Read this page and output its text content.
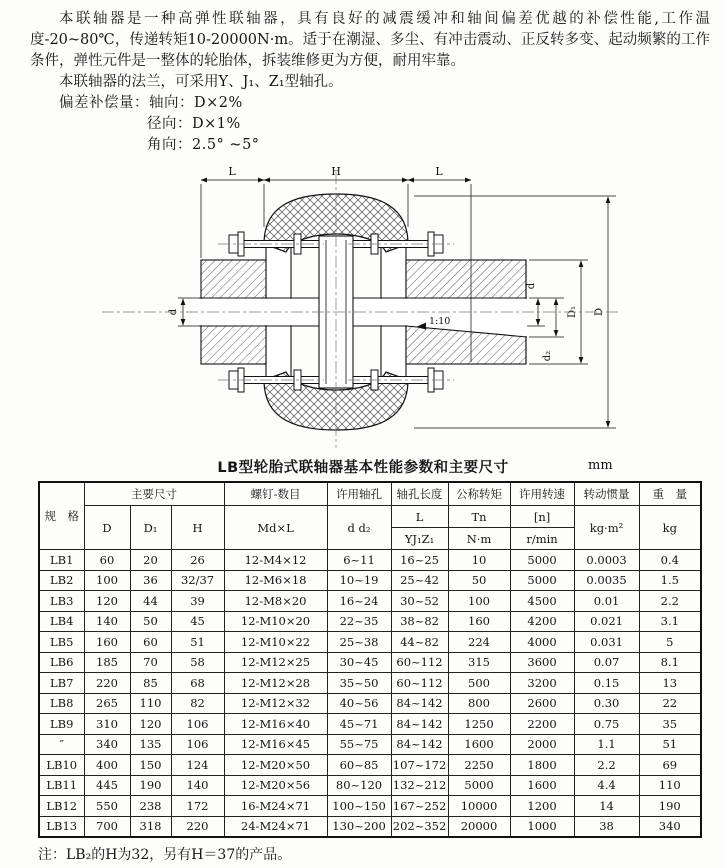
本联轴器是一种高弹性联轴器，具有良好的减震缓冲和轴间偏差优越的补偿性能,工作温度-20~80℃，传递转矩10-20000N·m。适于在潮湿、多尘、有冲击震动、正反转多变、起动频繁的工作条件，弹性元件是一整体的轮胎体，拆装维修更为方便，耐用牢靠。

本联轴器的法兰，可采用Y、J₁、Z₁型轴孔。

偏差补偿量：轴向：D×2%
径向：D×1%
角向：2.5° ~5°
1:10
L	H	L
d
d
d₂
D₁ D
LB型轮胎式联轴器基本性能参数和主要尺寸	mm
规　格	主要尺寸			螺钉-数目	许用轴孔	轴孔长度	公称转矩	许用转速	转动惯量	重　量
	D	D₁	H	Md×L	d d₂	L	Tn	[n]	kg·m²	kg
						YJ₁Z₁	N·m	r/min		
LB1	60	20	26	12-M4×12	6~11	16~25	10	5000	0.0003	0.4
LB2	100	36	32/37	12-M6×18	10~19	25~42	50	5000	0.0035	1.5
LB3	120	44	39	12-M8×20	16~24	30~52	100	4500	0.01	2.2
LB4	140	50	45	12-M10×20	22~35	38~82	160	4200	0.021	3.1
LB5	160	60	51	12-M10×22	25~38	44~82	224	4000	0.031	5
LB6	185	70	58	12-M12×25	30~45	60~112	315	3600	0.07	8.1
LB7	220	85	68	12-M12×28	35~50	60~112	500	3200	0.15	13
LB8	265	110	82	12-M12×32	40~56	84~142	800	2600	0.30	22
LB9	310	120	106	12-M16×40	45~71	84~142	1250	2200	0.75	35
″	340	135	106	12-M16×45	55~75	84~142	1600	2000	1.1	51
LB10	400	150	124	12-M20×50	60~85	107~172	2250	1800	2.2	69
LB11	445	190	140	12-M20×56	80~120	132~212	5000	1600	4.4	110
LB12	550	238	172	16-M24×71	100~150	167~252	10000	1200	14	190
LB13	700	318	220	24-M24×71	130~200	202~352	20000	1000	38	340
注：LB₂的H为32，另有H＝37的产品。
